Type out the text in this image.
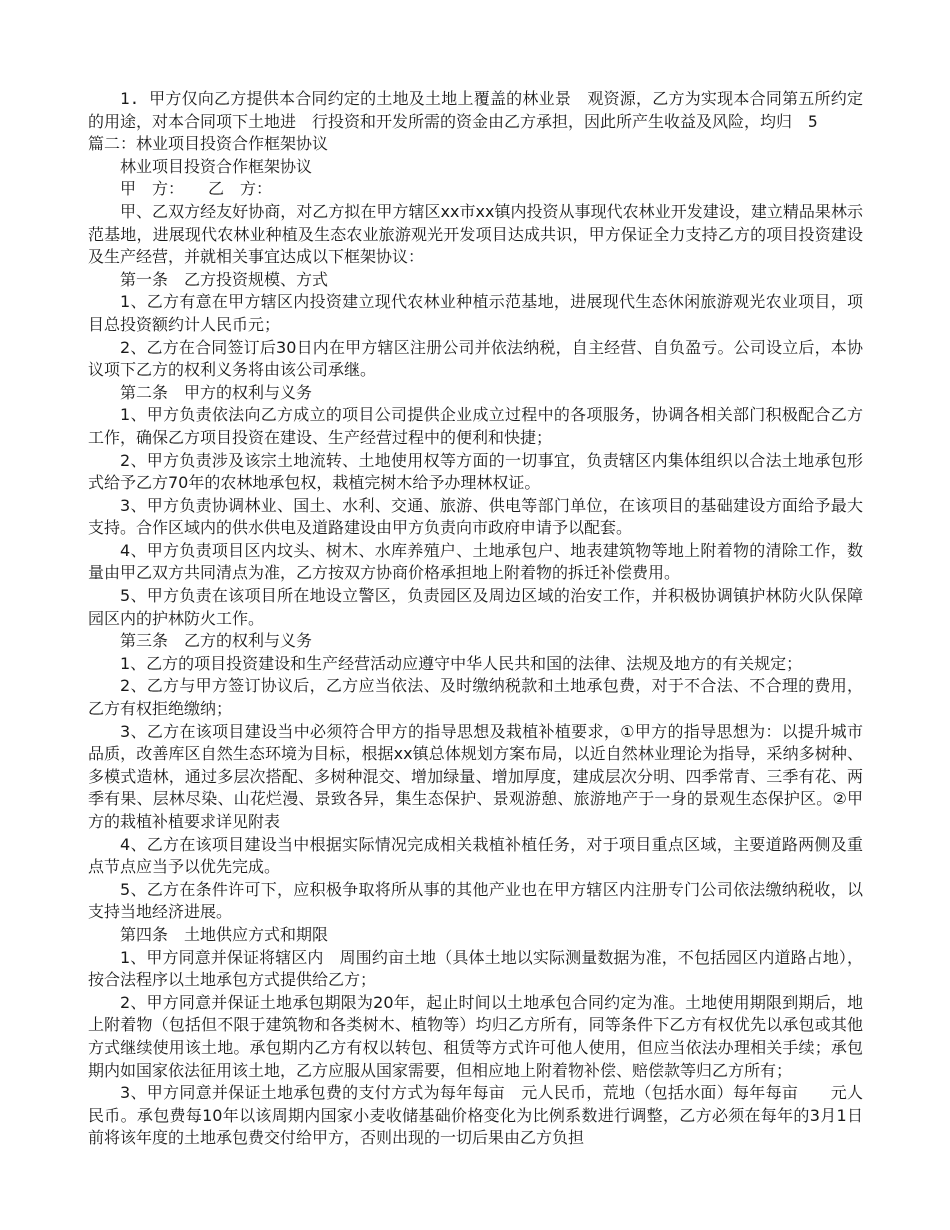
1. 甲方仅向乙方提供本合同约定的土地及土地上覆盖的林业景　观资源，乙方为实现本合同第五所约定的用途，对本合同项下土地进　行投资和开发所需的资金由乙方承担，因此所产生收益及风险，均归　5

篇二：林业项目投资合作框架协议

林业项目投资合作框架协议

甲　方：　　乙　方：

甲、乙双方经友好协商，对乙方拟在甲方辖区xx市xx镇内投资从事现代农林业开发建设，建立精品果林示范基地，进展现代农林业种植及生态农业旅游观光开发项目达成共识，甲方保证全力支持乙方的项目投资建设及生产经营，并就相关事宜达成以下框架协议：

第一条　乙方投资规模、方式

1、乙方有意在甲方辖区内投资建立现代农林业种植示范基地，进展现代生态休闲旅游观光农业项目，项目总投资额约计人民币元；

2、乙方在合同签订后30日内在甲方辖区注册公司并依法纳税，自主经营、自负盈亏。公司设立后，本协议项下乙方的权利义务将由该公司承继。

第二条　甲方的权利与义务

1、甲方负责依法向乙方成立的项目公司提供企业成立过程中的各项服务，协调各相关部门积极配合乙方工作，确保乙方项目投资在建设、生产经营过程中的便利和快捷；

2、甲方负责涉及该宗土地流转、土地使用权等方面的一切事宜，负责辖区内集体组织以合法土地承包形式给予乙方70年的农林地承包权，栽植完树木给予办理林权证。

3、甲方负责协调林业、国土、水利、交通、旅游、供电等部门单位，在该项目的基础建设方面给予最大支持。合作区域内的供水供电及道路建设由甲方负责向市政府申请予以配套。

4、甲方负责项目区内坟头、树木、水库养殖户、土地承包户、地表建筑物等地上附着物的清除工作，数量由甲乙双方共同清点为准，乙方按双方协商价格承担地上附着物的拆迁补偿费用。

5、甲方负责在该项目所在地设立警区，负责园区及周边区域的治安工作，并积极协调镇护林防火队保障园区内的护林防火工作。

第三条　乙方的权利与义务

1、乙方的项目投资建设和生产经营活动应遵守中华人民共和国的法律、法规及地方的有关规定；

2、乙方与甲方签订协议后，乙方应当依法、及时缴纳税款和土地承包费，对于不合法、不合理的费用，乙方有权拒绝缴纳；

3、乙方在该项目建设当中必须符合甲方的指导思想及栽植补植要求，①甲方的指导思想为：以提升城市品质，改善库区自然生态环境为目标，根据xx镇总体规划方案布局，以近自然林业理论为指导，采纳多树种、多模式造林，通过多层次搭配、多树种混交、增加绿量、增加厚度，建成层次分明、四季常青、三季有花、两季有果、层林尽染、山花烂漫、景致各异，集生态保护、景观游憩、旅游地产于一身的景观生态保护区。②甲方的栽植补植要求详见附表

4、乙方在该项目建设当中根据实际情况完成相关栽植补植任务，对于项目重点区域，主要道路两侧及重点节点应当予以优先完成。

5、乙方在条件许可下，应积极争取将所从事的其他产业也在甲方辖区内注册专门公司依法缴纳税收，以支持当地经济进展。

第四条　土地供应方式和期限

1、甲方同意并保证将辖区内　周围约亩土地（具体土地以实际测量数据为准，不包括园区内道路占地），按合法程序以土地承包方式提供给乙方；

2、甲方同意并保证土地承包期限为20年，起止时间以土地承包合同约定为准。土地使用期限到期后，地上附着物（包括但不限于建筑物和各类树木、植物等）均归乙方所有，同等条件下乙方有权优先以承包或其他方式继续使用该土地。承包期内乙方有权以转包、租赁等方式许可他人使用，但应当依法办理相关手续；承包期内如国家依法征用该土地，乙方应服从国家需要，但相应地上附着物补偿、赔偿款等归乙方所有；

3、甲方同意并保证土地承包费的支付方式为每年每亩　元人民币，荒地（包括水面）每年每亩　　元人民币。承包费每10年以该周期内国家小麦收储基础价格变化为比例系数进行调整，乙方必须在每年的3月1日前将该年度的土地承包费交付给甲方，否则出现的一切后果由乙方负担
